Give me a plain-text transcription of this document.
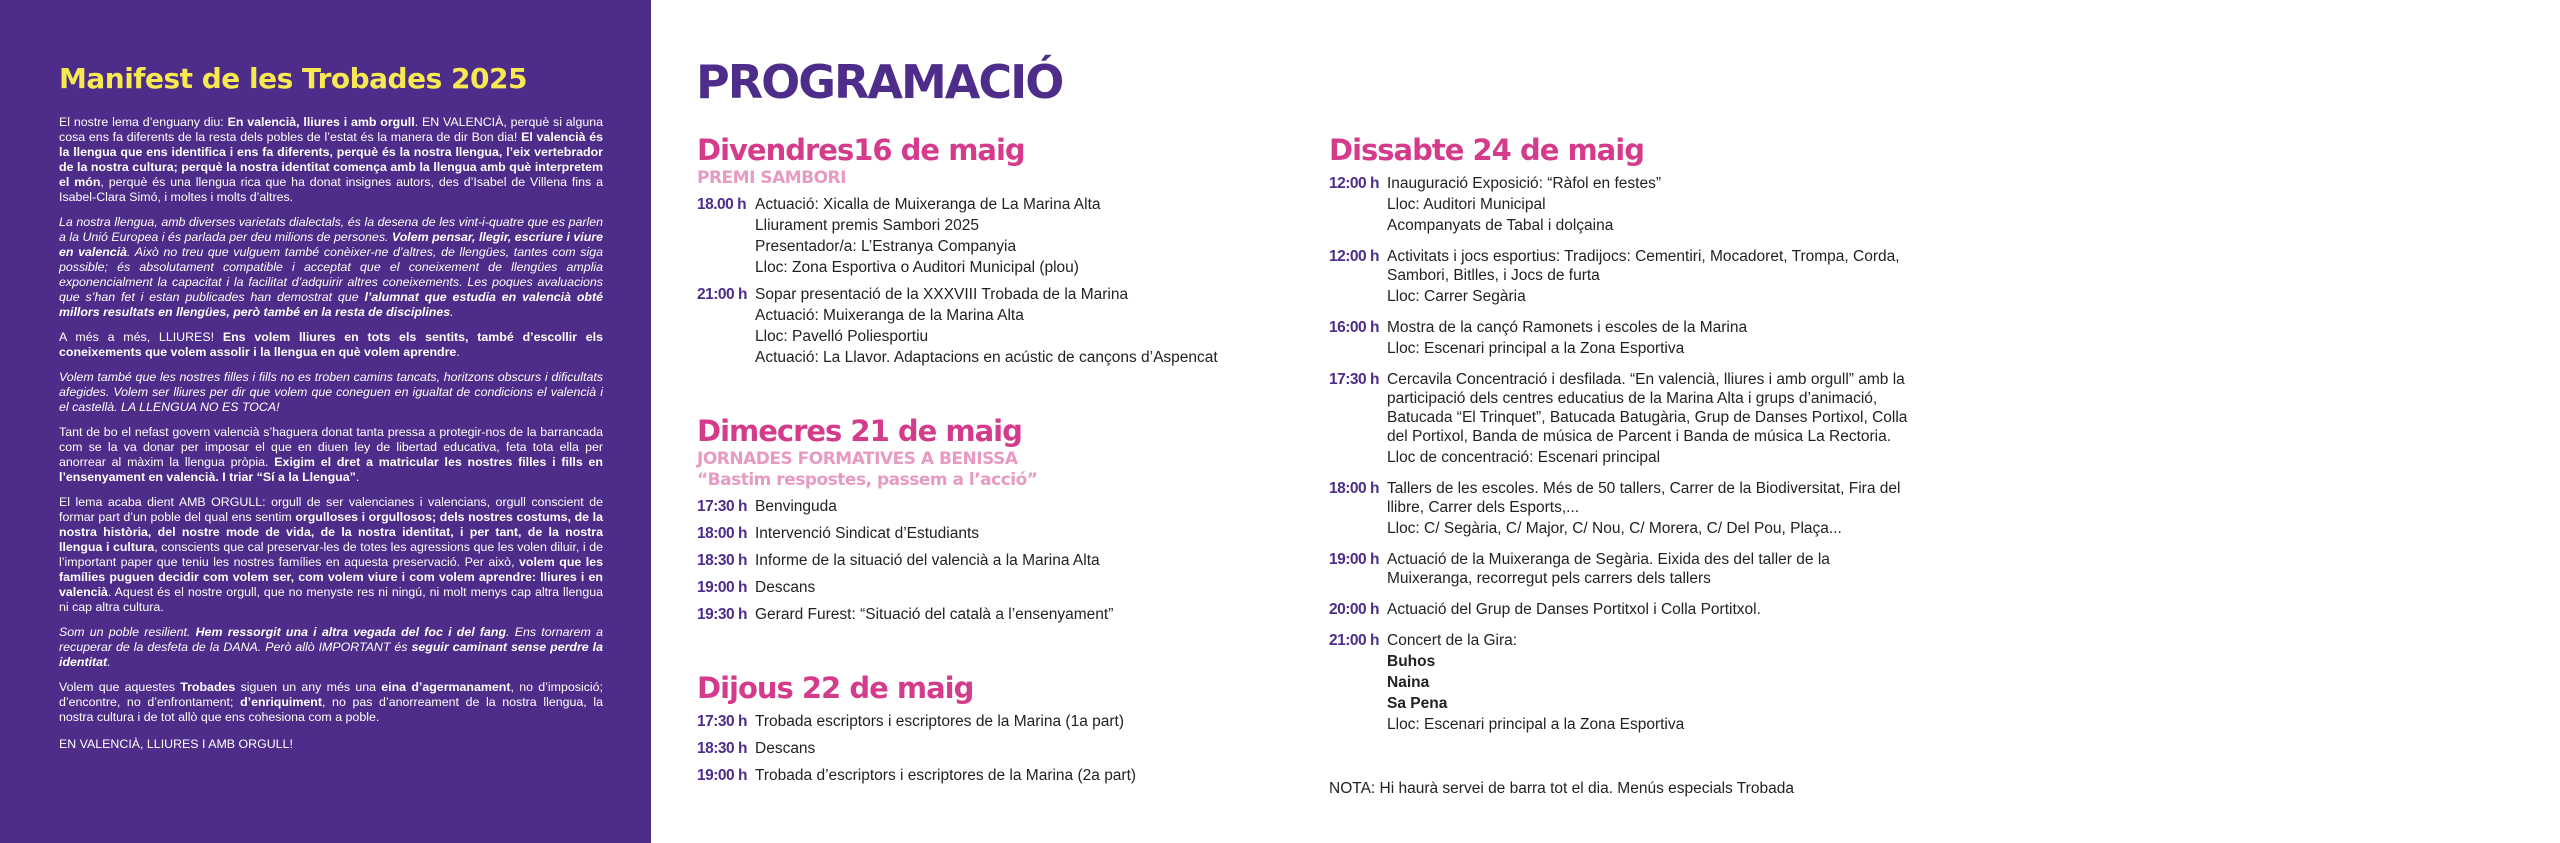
Manifest de les Trobades 2025

El nostre lema d’enguany diu: En valencià, lliures i amb orgull. EN VALENCIÀ, perquè si alguna cosa ens fa diferents de la resta dels pobles de l’estat és la manera de dir Bon dia! El valencià és la llengua que ens identifica i ens fa diferents, perquè és la nostra llengua, l’eix vertebrador de la nostra cultura; perquè la nostra identitat comença amb la llengua amb què interpretem el món, perquè és una llengua rica que ha donat insignes autors, des d’Isabel de Villena fins a Isabel-Clara Simó, i moltes i molts d’altres.

La nostra llengua, amb diverses varietats dialectals, és la desena de les vint-i-quatre que es parlen a la Unió Europea i és parlada per deu milions de persones. Volem pensar, llegir, escriure i viure en valencià. Això no treu que vulguem també conèixer-ne d’altres, de llengües, tantes com siga possible; és absolutament compatible i acceptat que el coneixement de llengües amplia exponencialment la capacitat i la facilitat d’adquirir altres coneixements. Les poques avaluacions que s’han fet i estan publicades han demostrat que l’alumnat que estudia en valencià obté millors resultats en llengües, però també en la resta de disciplines.

A més a més, LLIURES! Ens volem lliures en tots els sentits, també d’escollir els coneixements que volem assolir i la llengua en què volem aprendre.

Volem també que les nostres filles i fills no es troben camins tancats, horitzons obscurs i dificultats afegides. Volem ser lliures per dir que volem que coneguen en igualtat de condicions el valencià i el castellà. LA LLENGUA NO ES TOCA!

Tant de bo el nefast govern valencià s’haguera donat tanta pressa a protegir-nos de la barrancada com se la va donar per imposar el que en diuen ley de libertad educativa, feta tota ella per anorrear al màxim la llengua pròpia. Exigim el dret a matricular les nostres filles i fills en l’ensenyament en valencià. I triar “Sí a la Llengua”.

El lema acaba dient AMB ORGULL: orgull de ser valencianes i valencians, orgull conscient de formar part d’un poble del qual ens sentim orgulloses i orgullosos; dels nostres costums, de la nostra història, del nostre mode de vida, de la nostra identitat, i per tant, de la nostra llengua i cultura, conscients que cal preservar-les de totes les agressions que les volen diluir, i de l’important paper que teniu les nostres famílies en aquesta preservació. Per això, volem que les famílies puguen decidir com volem ser, com volem viure i com volem aprendre: lliures i en valencià. Aquest és el nostre orgull, que no menyste res ni ningú, ni molt menys cap altra llengua ni cap altra cultura.

Som un poble resilient. Hem ressorgit una i altra vegada del foc i del fang. Ens tornarem a recuperar de la desfeta de la DANA. Però allò IMPORTANT és seguir caminant sense perdre la identitat.

Volem que aquestes Trobades siguen un any més una eina d’agermanament, no d’imposició; d’encontre, no d’enfrontament; d’enriquiment, no pas d’anorreament de la nostra llengua, la nostra cultura i de tot allò que ens cohesiona com a poble.

EN VALENCIÀ, LLIURES I AMB ORGULL!

PROGRAMACIÓ
Divendres16 de maig
PREMI SAMBORI
18.00 h Actuació: Xicalla de Muixeranga de La Marina Alta
Lliurament premis Sambori 2025
Presentador/a: L’Estranya Companyia
Lloc: Zona Esportiva o Auditori Municipal (plou)
21:00 h Sopar presentació de la XXXVIII Trobada de la Marina
Actuació: Muixeranga de la Marina Alta
Lloc: Pavelló Poliesportiu
Actuació: La Llavor. Adaptacions en acústic de cançons d’Aspencat
Dimecres 21 de maig
JORNADES FORMATIVES A BENISSA
“Bastim respostes, passem a l’acció”
17:30 h Benvinguda
18:00 h Intervenció Sindicat d’Estudiants
18:30 h Informe de la situació del valencià a la Marina Alta
19:00 h Descans
19:30 h Gerard Furest: “Situació del català a l’ensenyament”
Dijous 22 de maig
17:30 h Trobada escriptors i escriptores de la Marina (1a part)
18:30 h Descans
19:00 h Trobada d’escriptors i escriptores de la Marina (2a part)
Dissabte 24 de maig
12:00 h Inauguració Exposició: “Ràfol en festes”
Lloc: Auditori Municipal
Acompanyats de Tabal i dolçaina
12:00 h Activitats i jocs esportius: Tradijocs: Cementiri, Mocadoret, Trompa, Corda, Sambori, Bitlles, i Jocs de furta
Lloc: Carrer Segària
16:00 h Mostra de la cançó Ramonets i escoles de la Marina
Lloc: Escenari principal a la Zona Esportiva
17:30 h Cercavila Concentració i desfilada. “En valencià, lliures i amb orgull” amb la participació dels centres educatius de la Marina Alta i grups d’animació, Batucada “El Trinquet”, Batucada Batugària, Grup de Danses Portixol, Colla del Portixol, Banda de música de Parcent i Banda de música La Rectoria.
Lloc de concentració: Escenari principal
18:00 h Tallers de les escoles. Més de 50 tallers, Carrer de la Biodiversitat, Fira del llibre, Carrer dels Esports,...
Lloc: C/ Segària, C/ Major, C/ Nou, C/ Morera, C/ Del Pou, Plaça...
19:00 h Actuació de la Muixeranga de Segària. Eixida des del taller de la Muixeranga, recorregut pels carrers dels tallers
20:00 h Actuació del Grup de Danses Portitxol i Colla Portitxol.
21:00 h Concert de la Gira:
Buhos
Naina
Sa Pena
Lloc: Escenari principal a la Zona Esportiva
NOTA: Hi haurà servei de barra tot el dia. Menús especials Trobada
